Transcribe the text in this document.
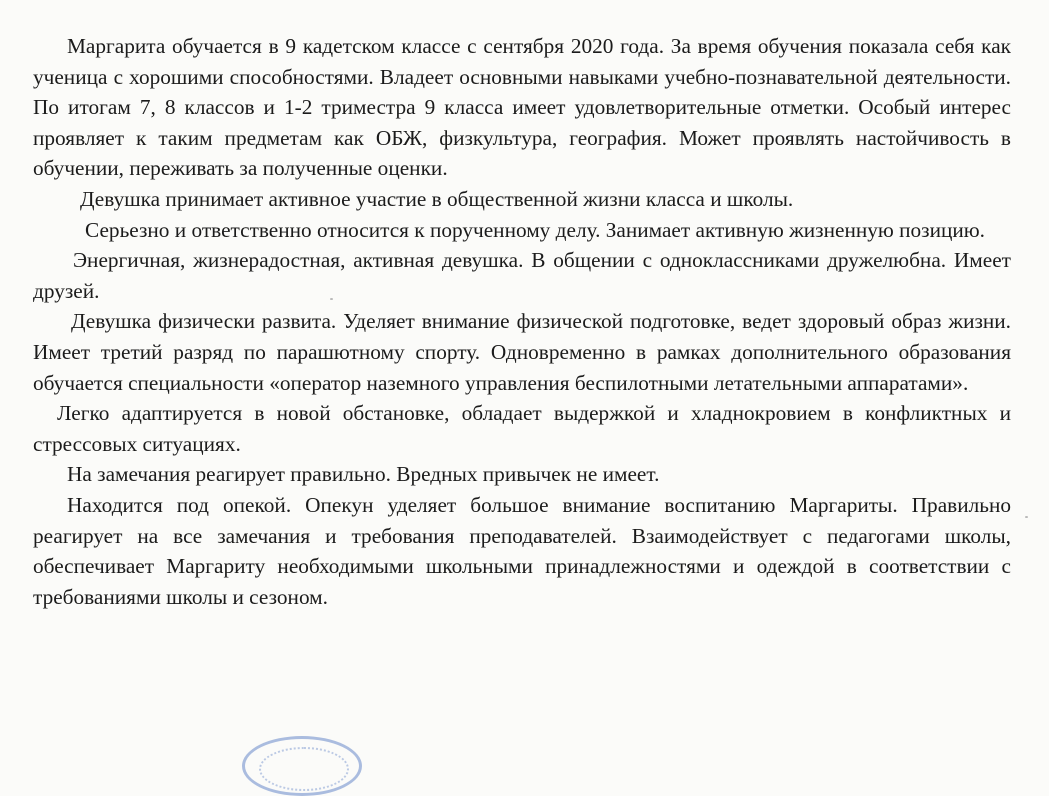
Маргарита обучается в 9 кадетском классе с сентября 2020 года. За время обучения показала себя как ученица с хорошими способностями. Владеет основными навыками учебно-познавательной деятельности. По итогам 7, 8 классов и 1-2 триместра 9 класса имеет удовлетворительные отметки. Особый интерес проявляет к таким предметам как ОБЖ, физкультура, география. Может проявлять настойчивость в обучении, переживать за полученные оценки.

Девушка принимает активное участие в общественной жизни класса и школы.

Серьезно и ответственно относится к порученному делу. Занимает активную жизненную позицию.

Энергичная, жизнерадостная, активная девушка. В общении с одноклассниками дружелюбна. Имеет друзей.

Девушка физически развита. Уделяет внимание физической подготовке, ведет здоровый образ жизни. Имеет третий разряд по парашютному спорту. Одновременно в рамках дополнительного образования обучается специальности «оператор наземного управления беспилотными летательными аппаратами».

Легко адаптируется в новой обстановке, обладает выдержкой и хладнокровием в конфликтных и стрессовых ситуациях.

На замечания реагирует правильно. Вредных привычек не имеет.

Находится под опекой. Опекун уделяет большое внимание воспитанию Маргариты. Правильно реагирует на все замечания и требования преподавателей. Взаимодействует с педагогами школы, обеспечивает Маргариту необходимыми школьными принадлежностями и одеждой в соответствии с требованиями школы и сезоном.
